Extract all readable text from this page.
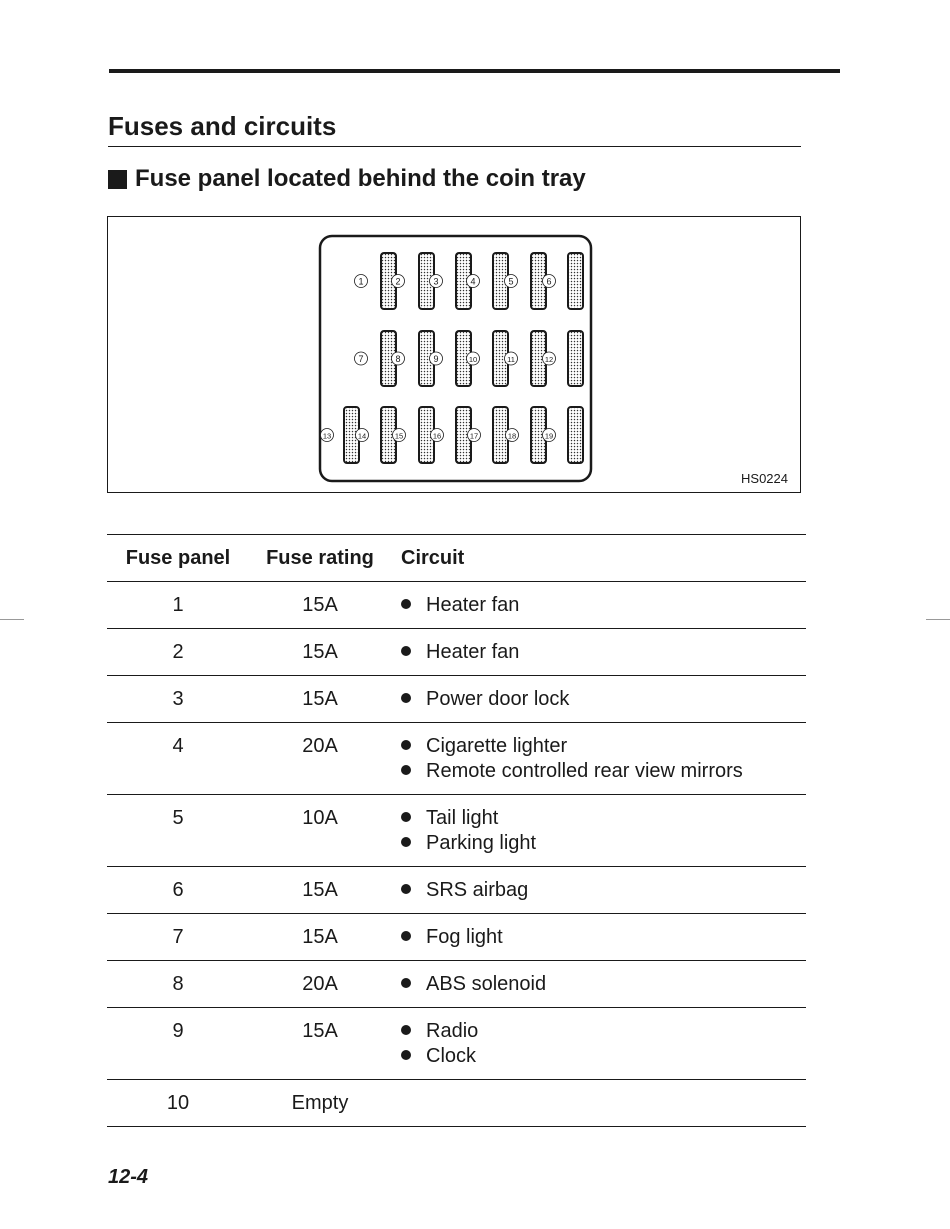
Fuses and circuits
Fuse panel located behind the coin tray
1	2	3	4	5	6
7	8	9	10	11	12
13	14	15	16	17	18	19
HS0224
Fuse panel	Fuse rating	Circuit
1	15A	Heater fan

2	15A	Heater fan

3	15A	Power door lock

4	20A	Cigarette lighter
Remote controlled rear view mirrors

5	10A	Tail light
Parking light

6	15A	SRS airbag

7	15A	Fog light

8	20A	ABS solenoid

9	15A	Radio
Clock

10	Empty	

12-4
